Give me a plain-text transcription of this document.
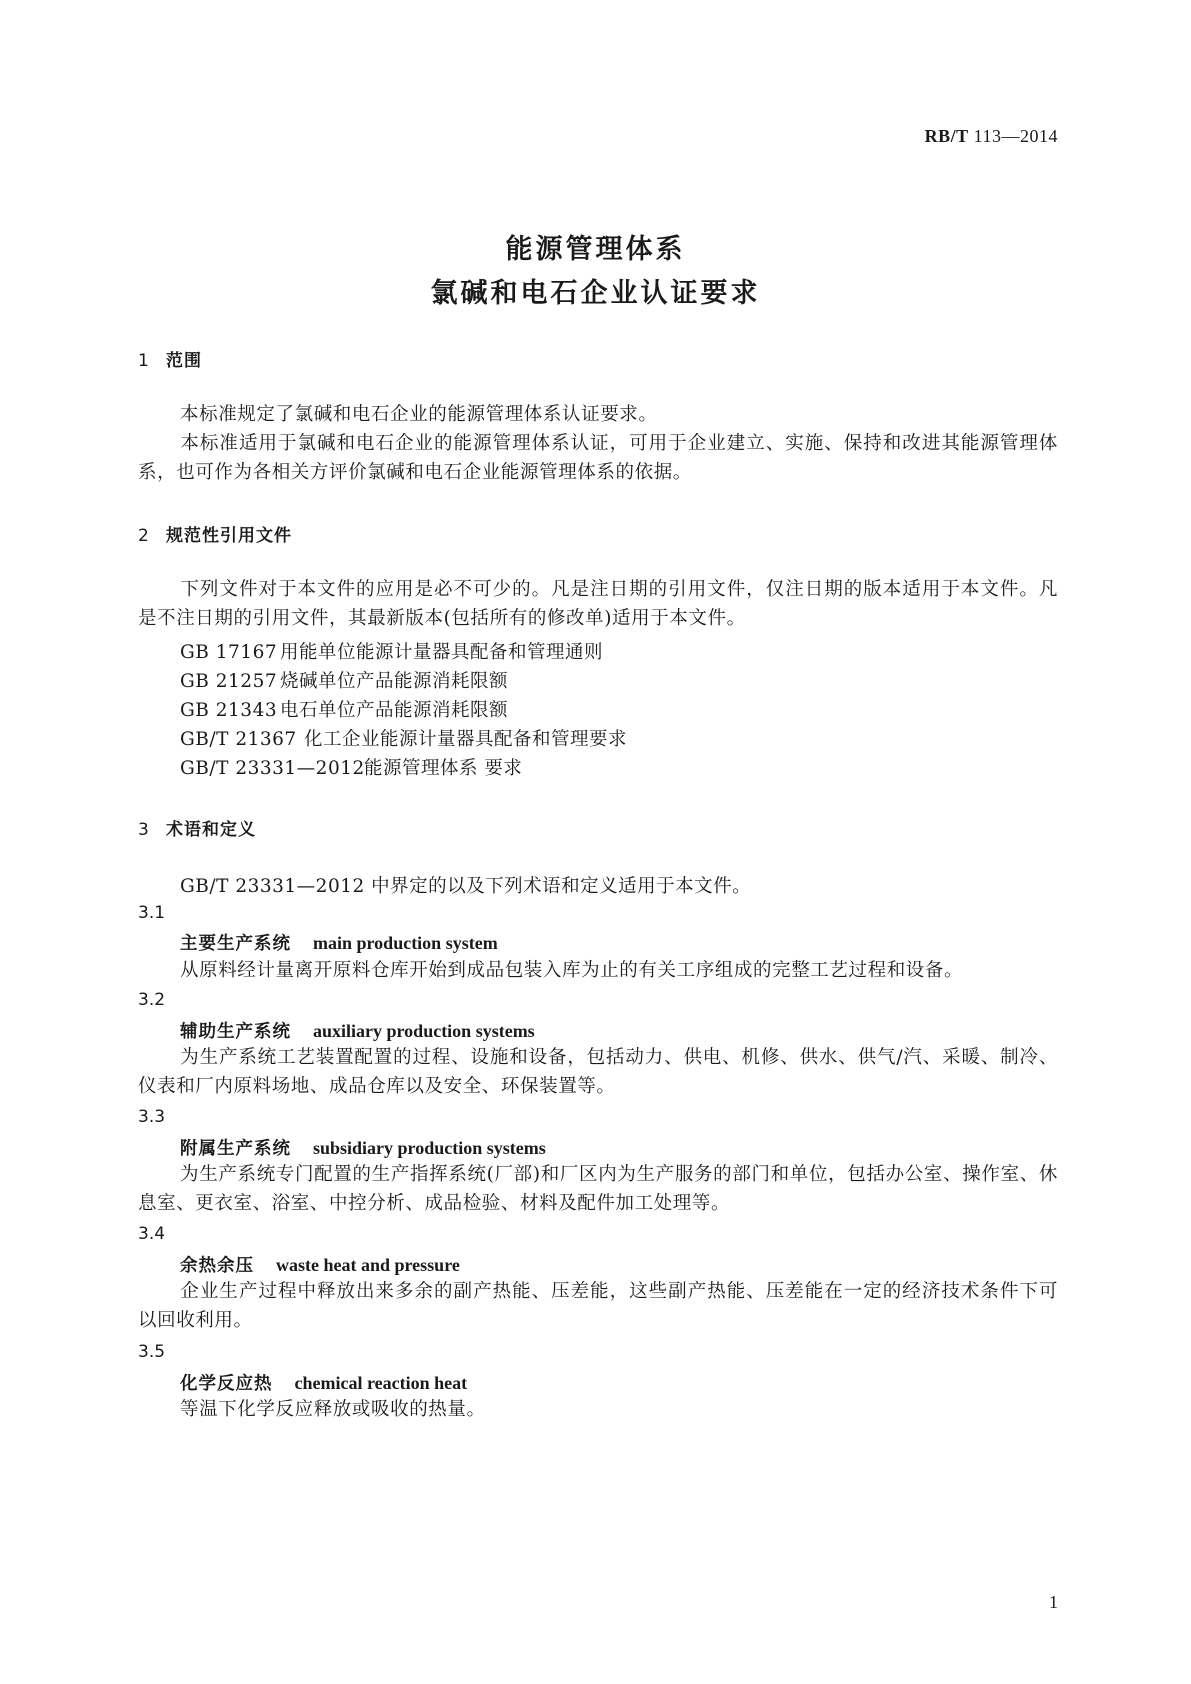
RB/T 113—2014
能源管理体系
氯碱和电石企业认证要求
1 范围

本标准规定了氯碱和电石企业的能源管理体系认证要求。

本标准适用于氯碱和电石企业的能源管理体系认证，可用于企业建立、实施、保持和改进其能源管理体系，也可作为各相关方评价氯碱和电石企业能源管理体系的依据。

2 规范性引用文件

下列文件对于本文件的应用是必不可少的。凡是注日期的引用文件，仅注日期的版本适用于本文件。凡是不注日期的引用文件，其最新版本(包括所有的修改单)适用于本文件。

GB 17167 用能单位能源计量器具配备和管理通则
GB 21257 烧碱单位产品能源消耗限额
GB 21343 电石单位产品能源消耗限额
GB/T 21367 化工企业能源计量器具配备和管理要求
GB/T 23331—2012能源管理体系 要求
3 术语和定义
GB/T 23331—2012 中界定的以及下列术语和定义适用于本文件。
3.1
主要生产系统 main production system

从原料经计量离开原料仓库开始到成品包装入库为止的有关工序组成的完整工艺过程和设备。

3.2
辅助生产系统 auxiliary production systems

为生产系统工艺装置配置的过程、设施和设备，包括动力、供电、机修、供水、供气/汽、采暖、制冷、仪表和厂内原料场地、成品仓库以及安全、环保装置等。

3.3
附属生产系统 subsidiary production systems

为生产系统专门配置的生产指挥系统(厂部)和厂区内为生产服务的部门和单位，包括办公室、操作室、休息室、更衣室、浴室、中控分析、成品检验、材料及配件加工处理等。

3.4
余热余压 waste heat and pressure

企业生产过程中释放出来多余的副产热能、压差能，这些副产热能、压差能在一定的经济技术条件下可以回收利用。

3.5
化学反应热 chemical reaction heat

等温下化学反应释放或吸收的热量。

1
